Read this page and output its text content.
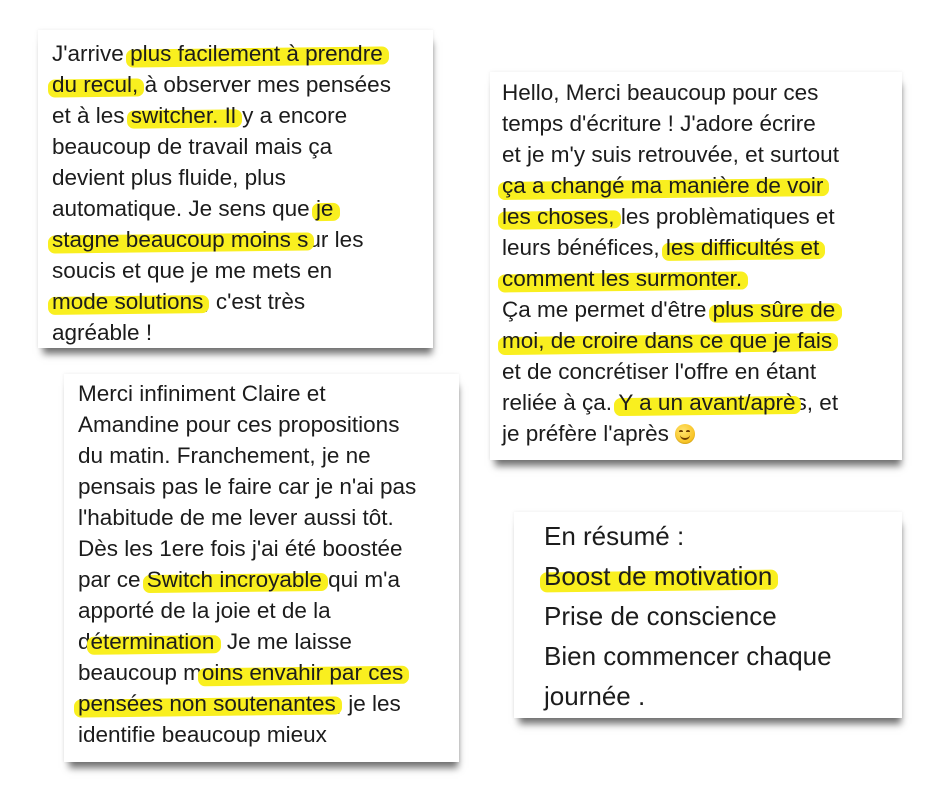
J'arrive plus facilement à prendre

du recul, à observer mes pensées

et à les switcher. Il y a encore

beaucoup de travail mais ça

devient plus fluide, plus

automatique. Je sens que je

stagne beaucoup moins sur les

soucis et que je me mets en

mode solutions, c'est très

agréable !

Hello, Merci beaucoup pour ces

temps d'écriture ! J'adore écrire

et je m'y suis retrouvée, et surtout

ça a changé ma manière de voir

les choses, les problèmatiques et

leurs bénéfices, les difficultés et

comment les surmonter.

Ça me permet d'être plus sûre de

moi, de croire dans ce que je fais

et de concrétiser l'offre en étant

reliée à ça. Y a un avant/après, et

je préfère l'après

Merci infiniment Claire et

Amandine pour ces propositions

du matin. Franchement, je ne

pensais pas le faire car je n'ai pas

l'habitude de me lever aussi tôt.

Dès les 1ere fois j'ai été boostée

par ce Switch incroyable qui m'a

apporté de la joie et de la

détermination. Je me laisse

beaucoup moins envahir par ces

pensées non soutenantes, je les

identifie beaucoup mieux

En résumé :

Boost de motivation

Prise de conscience

Bien commencer chaque

journée .
